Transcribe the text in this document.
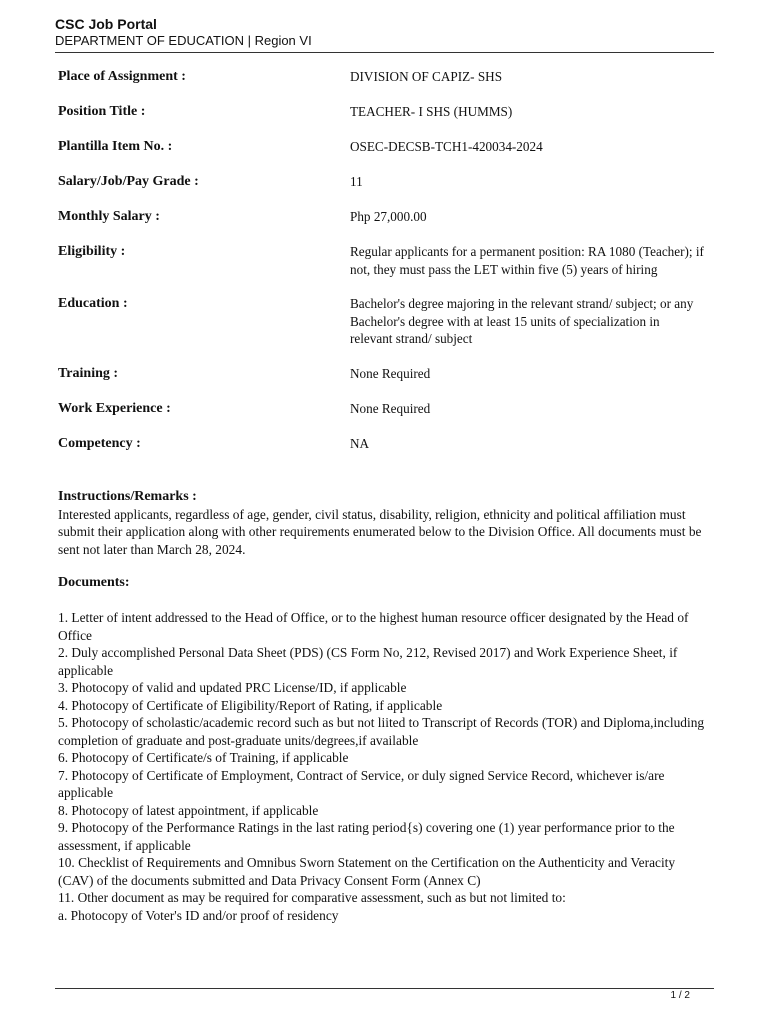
CSC Job Portal
DEPARTMENT OF EDUCATION | Region VI
Place of Assignment :	DIVISION OF CAPIZ- SHS
Position Title :	TEACHER- I SHS (HUMMS)
Plantilla Item No. :	OSEC-DECSB-TCH1-420034-2024
Salary/Job/Pay Grade :	11
Monthly Salary :	Php 27,000.00
Eligibility :	Regular applicants for a permanent position: RA 1080 (Teacher); if not, they must pass the LET within five (5) years of hiring
Education :	Bachelor's degree majoring in the relevant strand/ subject; or any Bachelor's degree with at least 15 units of specialization in relevant strand/ subject
Training :	None Required
Work Experience :	None Required
Competency :	NA
Instructions/Remarks :
Interested applicants, regardless of age, gender, civil status, disability, religion, ethnicity and political affiliation must submit their application along with other requirements enumerated below to the Division Office. All documents must be sent not later than March 28, 2024.
Documents:
1. Letter of intent addressed to the Head of Office, or to the highest human resource officer designated by the Head of Office
2. Duly accomplished Personal Data Sheet (PDS) (CS Form No, 212, Revised 2017) and Work Experience Sheet, if applicable
3. Photocopy of valid and updated PRC License/ID, if applicable
4. Photocopy of Certificate of Eligibility/Report of Rating, if applicable
5. Photocopy of scholastic/academic record such as but not liited to Transcript of Records (TOR) and Diploma,including completion of graduate and post-graduate units/degrees,if available
6. Photocopy of Certificate/s of Training, if applicable
7. Photocopy of Certificate of Employment, Contract of Service, or duly signed Service Record, whichever is/are applicable
8. Photocopy of latest appointment, if applicable
9. Photocopy of the Performance Ratings in the last rating period{s) covering one (1) year performance prior to the assessment, if applicable
10. Checklist of Requirements and Omnibus Sworn Statement on the Certification on the Authenticity and Veracity (CAV) of the documents submitted and Data Privacy Consent Form (Annex C)
11. Other document as may be required for comparative assessment, such as but not limited to:
a. Photocopy of Voter's ID and/or proof of residency
1 / 2
